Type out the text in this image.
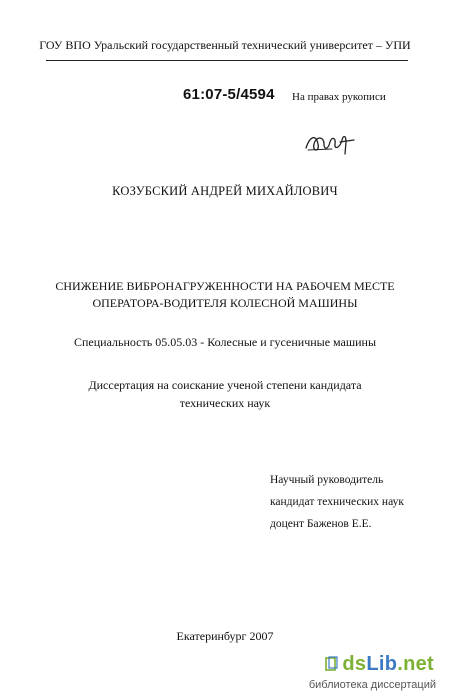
ГОУ ВПО Уральский государственный технический университет – УПИ
61:07-5/4594 На правах рукописи
КОЗУБСКИЙ АНДРЕЙ МИХАЙЛОВИЧ
СНИЖЕНИЕ ВИБРОНАГРУЖЕННОСТИ НА РАБОЧЕМ МЕСТЕ
ОПЕРАТОРА-ВОДИТЕЛЯ КОЛЕСНОЙ МАШИНЫ
Специальность 05.05.03 - Колесные и гусеничные машины
Диссертация на соискание ученой степени кандидата
технических наук
Научный руководитель
кандидат технических наук
доцент Баженов Е.Е.
Екатеринбург 2007
dsLib.net
библиотека диссертаций
